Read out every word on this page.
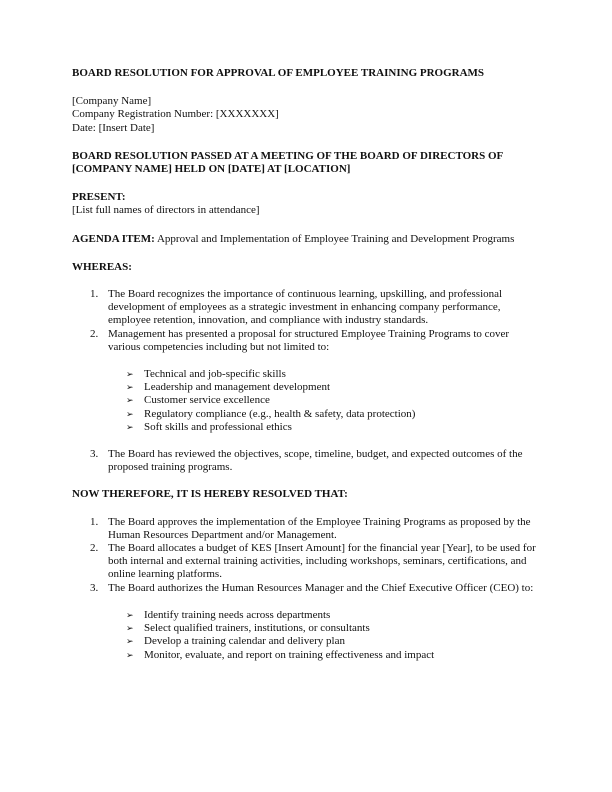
BOARD RESOLUTION FOR APPROVAL OF EMPLOYEE TRAINING PROGRAMS
[Company Name]
Company Registration Number: [XXXXXXX]
Date: [Insert Date]
BOARD RESOLUTION PASSED AT A MEETING OF THE BOARD OF DIRECTORS OF [COMPANY NAME] HELD ON [DATE] AT [LOCATION]
PRESENT:
[List full names of directors in attendance]
AGENDA ITEM: Approval and Implementation of Employee Training and Development Programs
WHEREAS:
1. The Board recognizes the importance of continuous learning, upskilling, and professional development of employees as a strategic investment in enhancing company performance, employee retention, innovation, and compliance with industry standards.
2. Management has presented a proposal for structured Employee Training Programs to cover various competencies including but not limited to:
➢ Technical and job-specific skills
➢ Leadership and management development
➢ Customer service excellence
➢ Regulatory compliance (e.g., health & safety, data protection)
➢ Soft skills and professional ethics
3. The Board has reviewed the objectives, scope, timeline, budget, and expected outcomes of the proposed training programs.
NOW THEREFORE, IT IS HEREBY RESOLVED THAT:
1. The Board approves the implementation of the Employee Training Programs as proposed by the Human Resources Department and/or Management.
2. The Board allocates a budget of KES [Insert Amount] for the financial year [Year], to be used for both internal and external training activities, including workshops, seminars, certifications, and online learning platforms.
3. The Board authorizes the Human Resources Manager and the Chief Executive Officer (CEO) to:
➢ Identify training needs across departments
➢ Select qualified trainers, institutions, or consultants
➢ Develop a training calendar and delivery plan
➢ Monitor, evaluate, and report on training effectiveness and impact
